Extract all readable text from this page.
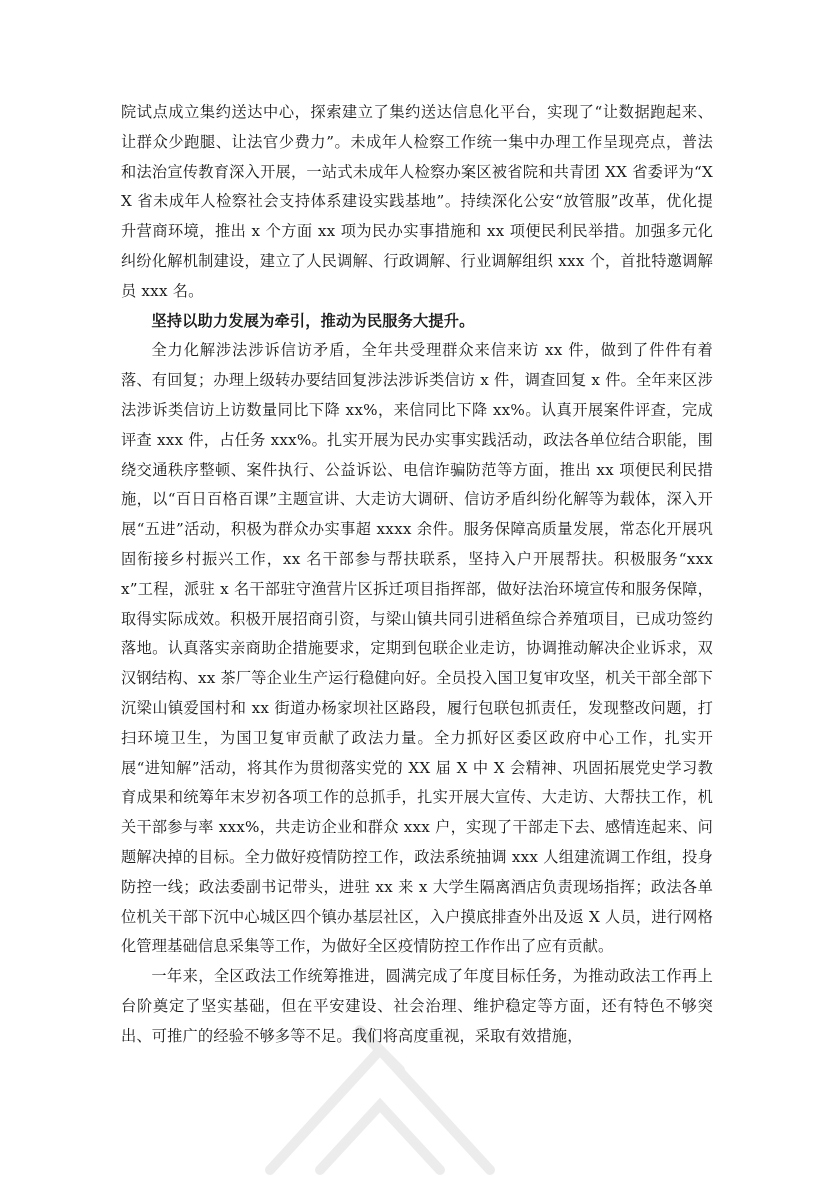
院试点成立集约送达中心，探索建立了集约送达信息化平台，实现了“让数据跑起来、让群众少跑腿、让法官少费力”。未成年人检察工作统一集中办理工作呈现亮点，普法和法治宣传教育深入开展，一站式未成年人检察办案区被省院和共青团 XX 省委评为“XX 省未成年人检察社会支持体系建设实践基地”。持续深化公安“放管服”改革，优化提升营商环境，推出 x 个方面 xx 项为民办实事措施和 xx 项便民利民举措。加强多元化纠纷化解机制建设，建立了人民调解、行政调解、行业调解组织 xxx 个，首批特邀调解员 xxx 名。

坚持以助力发展为牵引，推动为民服务大提升。

全力化解涉法涉诉信访矛盾，全年共受理群众来信来访 xx 件，做到了件件有着落、有回复；办理上级转办要结回复涉法涉诉类信访 x 件，调查回复 x 件。全年来区涉法涉诉类信访上访数量同比下降 xx%，来信同比下降 xx%。认真开展案件评查，完成评查 xxx 件，占任务 xxx%。扎实开展为民办实事实践活动，政法各单位结合职能，围绕交通秩序整顿、案件执行、公益诉讼、电信诈骗防范等方面，推出 xx 项便民利民措施，以“百日百格百课”主题宣讲、大走访大调研、信访矛盾纠纷化解等为载体，深入开展“五进”活动，积极为群众办实事超 xxxx 余件。服务保障高质量发展，常态化开展巩固衔接乡村振兴工作，xx 名干部参与帮扶联系，坚持入户开展帮扶。积极服务“xxxx”工程，派驻 x 名干部驻守渔营片区拆迁项目指挥部，做好法治环境宣传和服务保障，取得实际成效。积极开展招商引资，与梁山镇共同引进稻鱼综合养殖项目，已成功签约落地。认真落实亲商助企措施要求，定期到包联企业走访，协调推动解决企业诉求，双汉钢结构、xx 茶厂等企业生产运行稳健向好。全员投入国卫复审攻坚，机关干部全部下沉梁山镇爱国村和 xx 街道办杨家坝社区路段，履行包联包抓责任，发现整改问题，打扫环境卫生，为国卫复审贡献了政法力量。全力抓好区委区政府中心工作，扎实开展“进知解”活动，将其作为贯彻落实党的 XX 届 X 中 X 会精神、巩固拓展党史学习教育成果和统筹年末岁初各项工作的总抓手，扎实开展大宣传、大走访、大帮扶工作，机关干部参与率 xxx%，共走访企业和群众 xxx 户，实现了干部走下去、感情连起来、问题解决掉的目标。全力做好疫情防控工作，政法系统抽调 xxx 人组建流调工作组，投身防控一线；政法委副书记带头，进驻 xx 来 x 大学生隔离酒店负责现场指挥；政法各单位机关干部下沉中心城区四个镇办基层社区，入户摸底排查外出及返 X 人员，进行网格化管理基础信息采集等工作，为做好全区疫情防控工作作出了应有贡献。

一年来，全区政法工作统筹推进，圆满完成了年度目标任务，为推动政法工作再上台阶奠定了坚实基础，但在平安建设、社会治理、维护稳定等方面，还有特色不够突出、可推广的经验不够多等不足。我们将高度重视，采取有效措施，
